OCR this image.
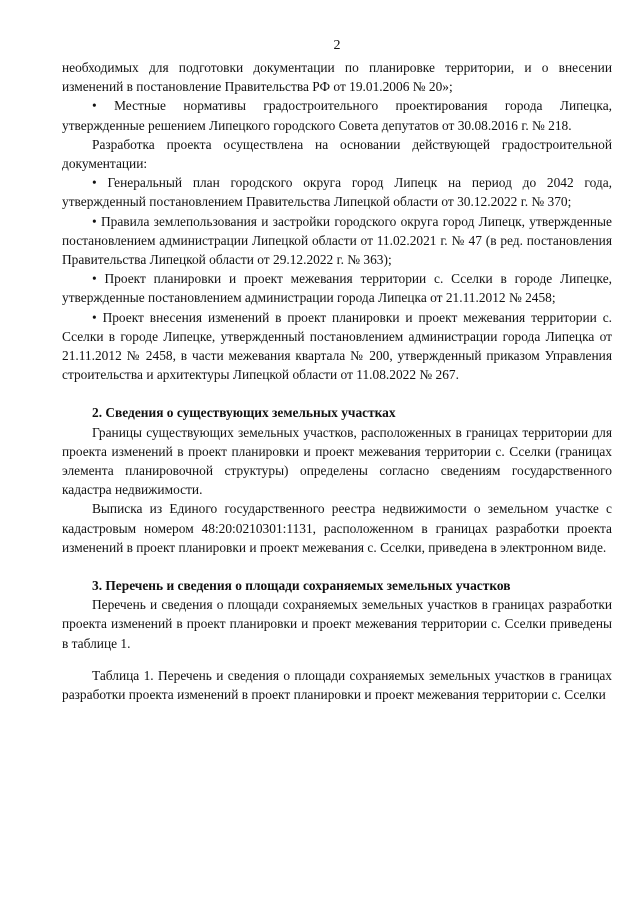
2

необходимых для подготовки документации по планировке территории, и о внесении изменений в постановление Правительства РФ от 19.01.2006 № 20»;

• Местные нормативы градостроительного проектирования города Липецка, утвержденные решением Липецкого городского Совета депутатов от 30.08.2016 г. № 218.

Разработка проекта осуществлена на основании действующей градостроительной документации:

• Генеральный план городского округа город Липецк на период до 2042 года, утвержденный постановлением Правительства Липецкой области от 30.12.2022 г. № 370;

• Правила землепользования и застройки городского округа город Липецк, утвержденные постановлением администрации Липецкой области от 11.02.2021 г. № 47 (в ред. постановления Правительства Липецкой области от 29.12.2022 г. № 363);

• Проект планировки и проект межевания территории с. Сселки в городе Липецке, утвержденные постановлением администрации города Липецка от 21.11.2012 № 2458;

• Проект внесения изменений в проект планировки и проект межевания территории с. Сселки в городе Липецке, утвержденный постановлением администрации города Липецка от 21.11.2012 № 2458, в части межевания квартала № 200, утвержденный приказом Управления строительства и архитектуры Липецкой области от 11.08.2022 № 267.

2. Сведения о существующих земельных участках

Границы существующих земельных участков, расположенных в границах территории для проекта изменений в проект планировки и проект межевания территории с. Сселки (границах элемента планировочной структуры) определены согласно сведениям государственного кадастра недвижимости.

Выписка из Единого государственного реестра недвижимости о земельном участке с кадастровым номером 48:20:0210301:1131, расположенном в границах разработки проекта изменений в проект планировки и проект межевания с. Сселки, приведена в электронном виде.

3. Перечень и сведения о площади сохраняемых земельных участков

Перечень и сведения о площади сохраняемых земельных участков в границах разработки проекта изменений в проект планировки и проект межевания территории с. Сселки приведены в таблице 1.

Таблица 1. Перечень и сведения о площади сохраняемых земельных участков в границах разработки проекта изменений в проект планировки и проект межевания территории с. Сселки
